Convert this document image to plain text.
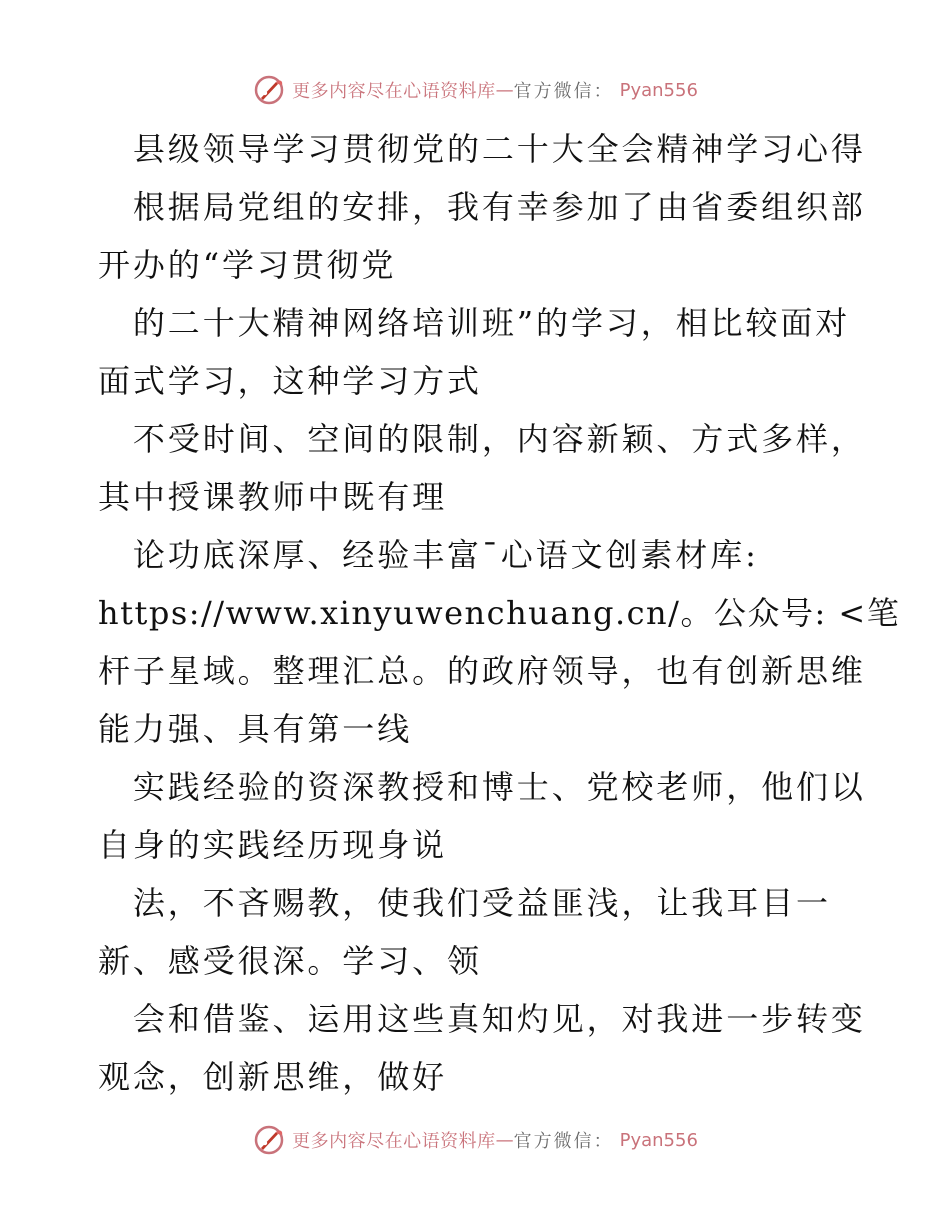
更多内容尽在心语资料库 — 官方微信： Pyan556
　县级领导学习贯彻党的二十大全会精神学习心得
　根据局党组的安排，我有幸参加了由省委组织部
开办的“学习贯彻党
　的二十大精神网络培训班”的学习，相比较面对
面式学习，这种学习方式
　不受时间、空间的限制，内容新颖、方式多样，
其中授课教师中既有理
　论功底深厚、经验丰富¯心语文创素材库:
https://www.xinyuwenchuang.cn/。公众号: <笔
杆子星域。整理汇总。的政府领导，也有创新思维
能力强、具有第一线
　实践经验的资深教授和博士、党校老师，他们以
自身的实践经历现身说
　法，不吝赐教，使我们受益匪浅，让我耳目一
新、感受很深。学习、领
　会和借鉴、运用这些真知灼见，对我进一步转变
观念，创新思维，做好
更多内容尽在心语资料库 — 官方微信： Pyan556
